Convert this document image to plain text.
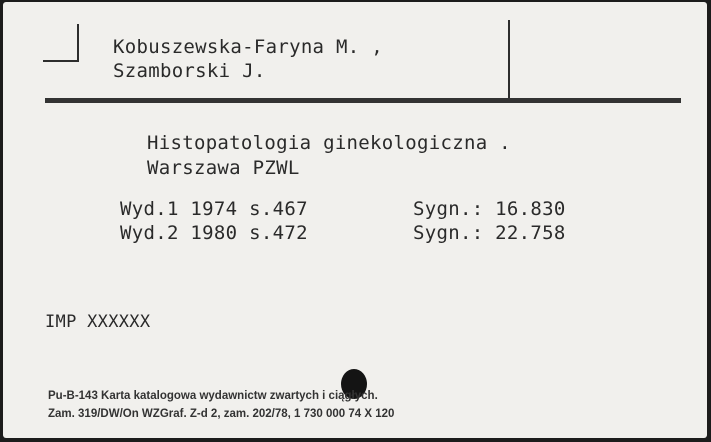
Kobuszewska-Faryna M. ,
Szamborski J.
Histopatologia ginekologiczna .
Warszawa PZWL
Wyd.1 1974 s.467	Sygn.: 16.830
Wyd.2 1980 s.472	Sygn.: 22.758
IMP XXXXXX
Pu-B-143 Karta katalogowa wydawnictw zwartych i ciągłych.
Zam. 319/DW/On WZGraf. Z-d 2, zam. 202/78, 1 730 000 74 X 120
